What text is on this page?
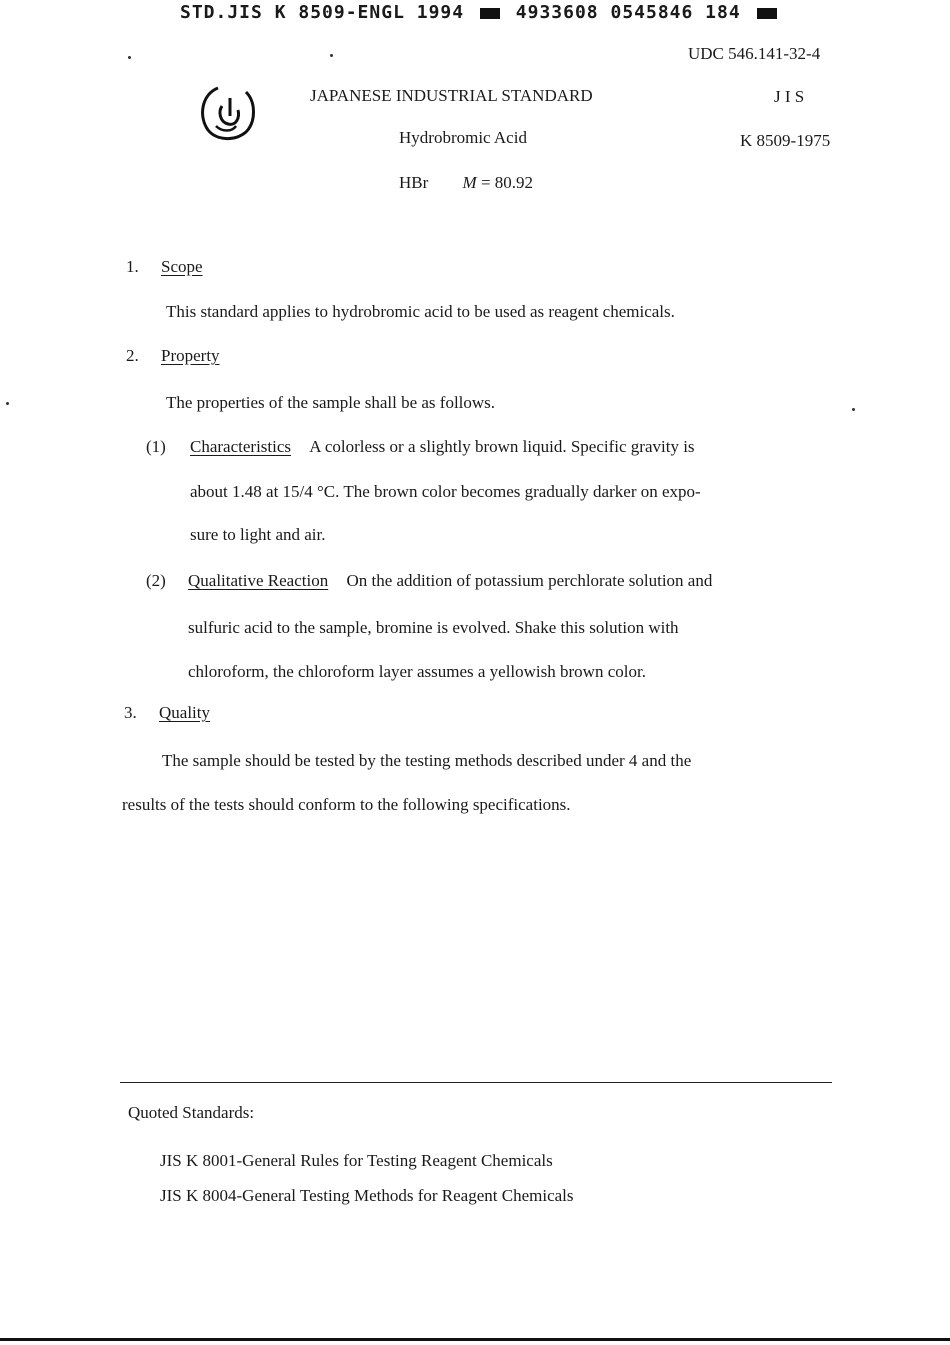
STD.JIS K 8509-ENGL 1994	4933608 0545846 184
UDC 546.141-32-4
JAPANESE INDUSTRIAL STANDARD	J I S
Hydrobromic Acid	K 8509-1975
HBr M = 80.92
1. Scope
This standard applies to hydrobromic acid to be used as reagent chemicals.
2. Property
The properties of the sample shall be as follows.
(1) Characteristics A colorless or a slightly brown liquid. Specific gravity is
about 1.48 at 15/4 °C. The brown color becomes gradually darker on expo-
sure to light and air.
(2) Qualitative Reaction On the addition of potassium perchlorate solution and
sulfuric acid to the sample, bromine is evolved. Shake this solution with
chloroform, the chloroform layer assumes a yellowish brown color.
3. Quality
The sample should be tested by the testing methods described under 4 and the
results of the tests should conform to the following specifications.
Quoted Standards:
JIS K 8001-General Rules for Testing Reagent Chemicals
JIS K 8004-General Testing Methods for Reagent Chemicals
